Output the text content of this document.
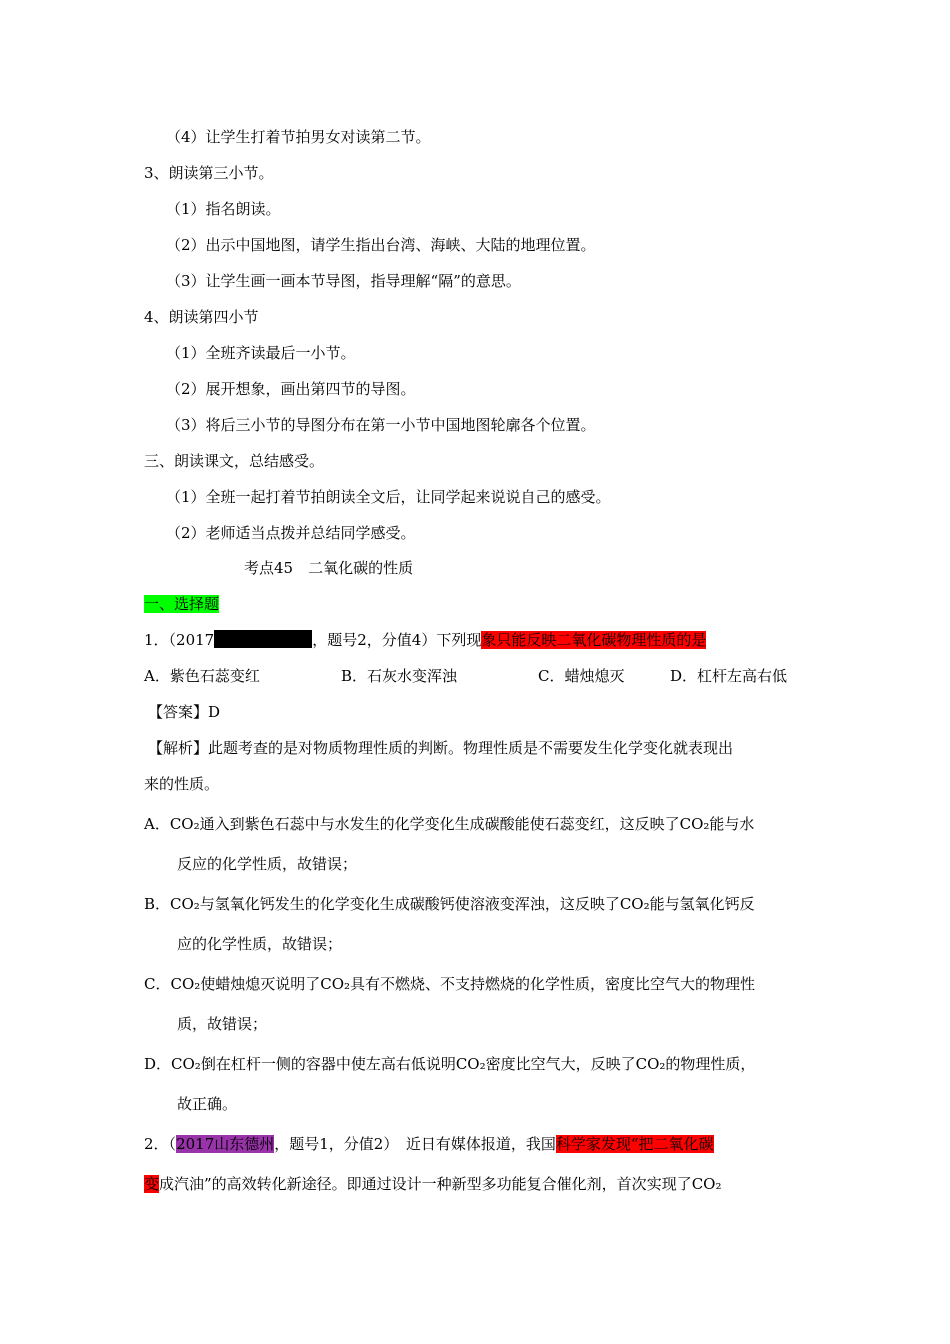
（4）让学生打着节拍男女对读第二节。
3、朗读第三小节。
（1）指名朗读。
（2）出示中国地图，请学生指出台湾、海峡、大陆的地理位置。
（3）让学生画一画本节导图，指导理解“隔”的意思。
4、朗读第四小节
（1）全班齐读最后一小节。
（2）展开想象，画出第四节的导图。
（3）将后三小节的导图分布在第一小节中国地图轮廓各个位置。
三、朗读课文，总结感受。
（1）全班一起打着节拍朗读全文后，让同学起来说说自己的感受。
（2）老师适当点拨并总结同学感受。
考点45　二氧化碳的性质
一、选择题
1．（2017	，题号2，分值4）下列现象只能反映二氧化碳物理性质的是
A．紫色石蕊变红	B．石灰水变浑浊	C．蜡烛熄灭	D．杠杆左高右低
【答案】D
【解析】此题考查的是对物质物理性质的判断。物理性质是不需要发生化学变化就表现出
来的性质。
A．CO₂通入到紫色石蕊中与水发生的化学变化生成碳酸能使石蕊变红，这反映了CO₂能与水
反应的化学性质，故错误；
B．CO₂与氢氧化钙发生的化学变化生成碳酸钙使溶液变浑浊，这反映了CO₂能与氢氧化钙反
应的化学性质，故错误；
C．CO₂使蜡烛熄灭说明了CO₂具有不燃烧、不支持燃烧的化学性质，密度比空气大的物理性
质，故错误；
D．CO₂倒在杠杆一侧的容器中使左高右低说明CO₂密度比空气大，反映了CO₂的物理性质，
故正确。
2．（2017山东德州，题号1，分值2）　近日有媒体报道，我国科学家发现“把二氧化碳
变成汽油”的高效转化新途径。即通过设计一种新型多功能复合催化剂，首次实现了CO₂
